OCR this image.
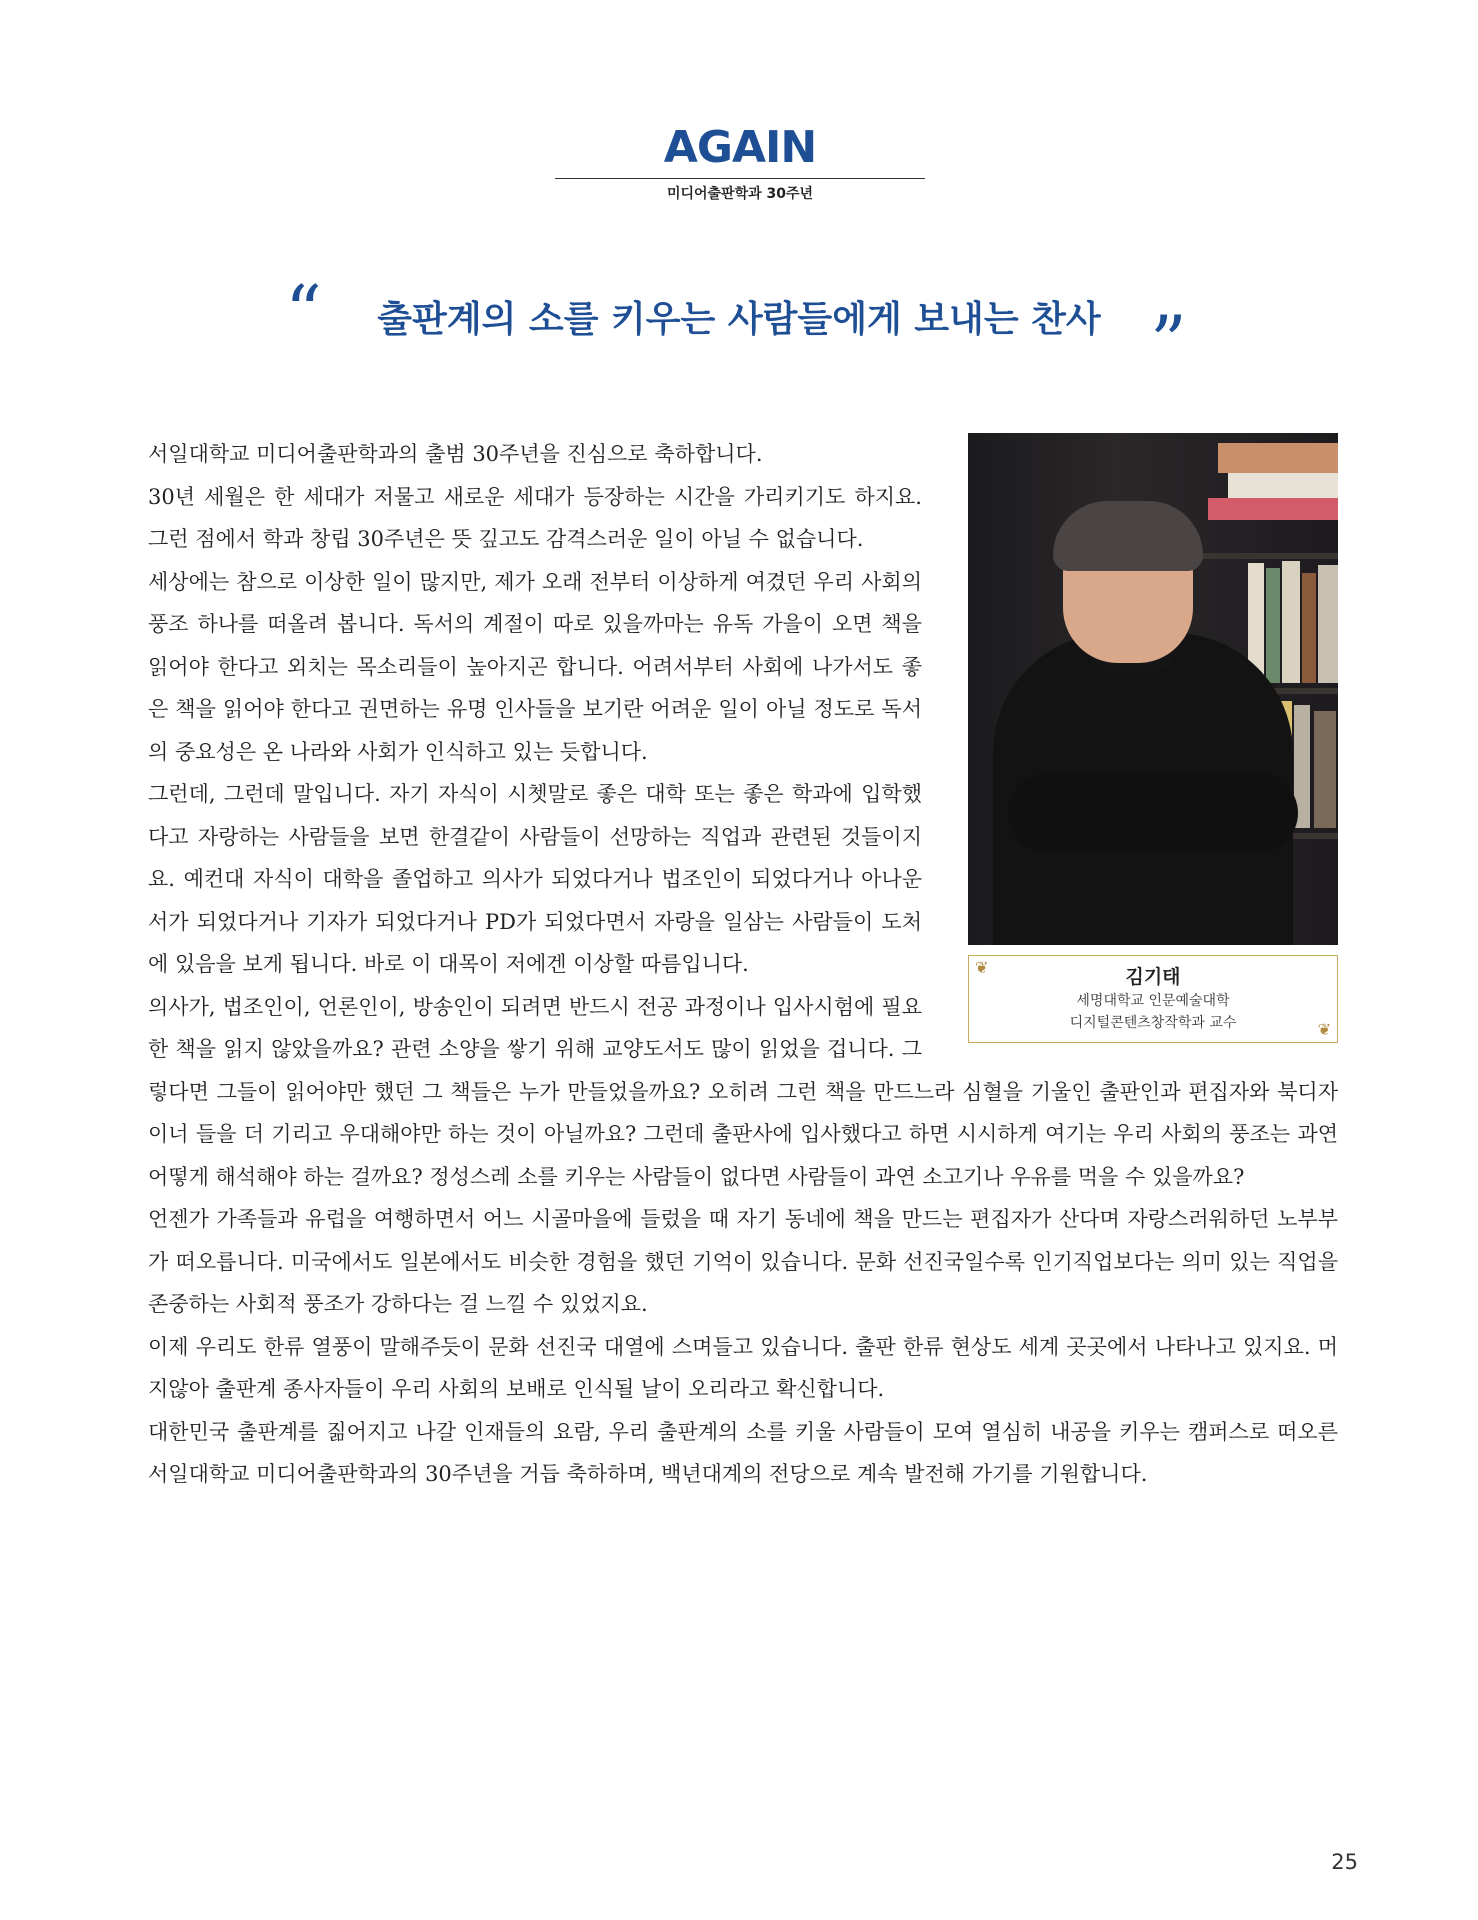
AGAIN
미디어출판학과 30주년
“	출판계의 소를 키우는 사람들에게 보내는 찬사 ”
❦	김기태
세명대학교 인문예술대학
디지털콘텐츠창작학과 교수	❦

서일대학교 미디어출판학과의 출범 30주년을 진심으로 축하합니다.

30년 세월은 한 세대가 저물고 새로운 세대가 등장하는 시간을 가리키기도 하지요. 그런 점에서 학과 창립 30주년은 뜻 깊고도 감격스러운 일이 아닐 수 없습니다.

세상에는 참으로 이상한 일이 많지만, 제가 오래 전부터 이상하게 여겼던 우리 사회의 풍조 하나를 떠올려 봅니다. 독서의 계절이 따로 있을까마는 유독 가을이 오면 책을 읽어야 한다고 외치는 목소리들이 높아지곤 합니다. 어려서부터 사회에 나가서도 좋은 책을 읽어야 한다고 권면하는 유명 인사들을 보기란 어려운 일이 아닐 정도로 독서의 중요성은 온 나라와 사회가 인식하고 있는 듯합니다.

그런데, 그런데 말입니다. 자기 자식이 시쳇말로 좋은 대학 또는 좋은 학과에 입학했다고 자랑하는 사람들을 보면 한결같이 사람들이 선망하는 직업과 관련된 것들이지요. 예컨대 자식이 대학을 졸업하고 의사가 되었다거나 법조인이 되었다거나 아나운서가 되었다거나 기자가 되었다거나 PD가 되었다면서 자랑을 일삼는 사람들이 도처에 있음을 보게 됩니다. 바로 이 대목이 저에겐 이상할 따름입니다.

의사가, 법조인이, 언론인이, 방송인이 되려면 반드시 전공 과정이나 입사시험에 필요한 책을 읽지 않았을까요? 관련 소양을 쌓기 위해 교양도서도 많이 읽었을 겁니다. 그렇다면 그들이 읽어야만 했던 그 책들은 누가 만들었을까요? 오히려 그런 책을 만드느라 심혈을 기울인 출판인과 편집자와 북디자이너 들을 더 기리고 우대해야만 하는 것이 아닐까요? 그런데 출판사에 입사했다고 하면 시시하게 여기는 우리 사회의 풍조는 과연 어떻게 해석해야 하는 걸까요? 정성스레 소를 키우는 사람들이 없다면 사람들이 과연 소고기나 우유를 먹을 수 있을까요?

언젠가 가족들과 유럽을 여행하면서 어느 시골마을에 들렀을 때 자기 동네에 책을 만드는 편집자가 산다며 자랑스러워하던 노부부가 떠오릅니다. 미국에서도 일본에서도 비슷한 경험을 했던 기억이 있습니다. 문화 선진국일수록 인기직업보다는 의미 있는 직업을 존중하는 사회적 풍조가 강하다는 걸 느낄 수 있었지요.

이제 우리도 한류 열풍이 말해주듯이 문화 선진국 대열에 스며들고 있습니다. 출판 한류 현상도 세계 곳곳에서 나타나고 있지요. 머지않아 출판계 종사자들이 우리 사회의 보배로 인식될 날이 오리라고 확신합니다.

대한민국 출판계를 짊어지고 나갈 인재들의 요람, 우리 출판계의 소를 키울 사람들이 모여 열심히 내공을 키우는 캠퍼스로 떠오른 서일대학교 미디어출판학과의 30주년을 거듭 축하하며, 백년대계의 전당으로 계속 발전해 가기를 기원합니다.

25
